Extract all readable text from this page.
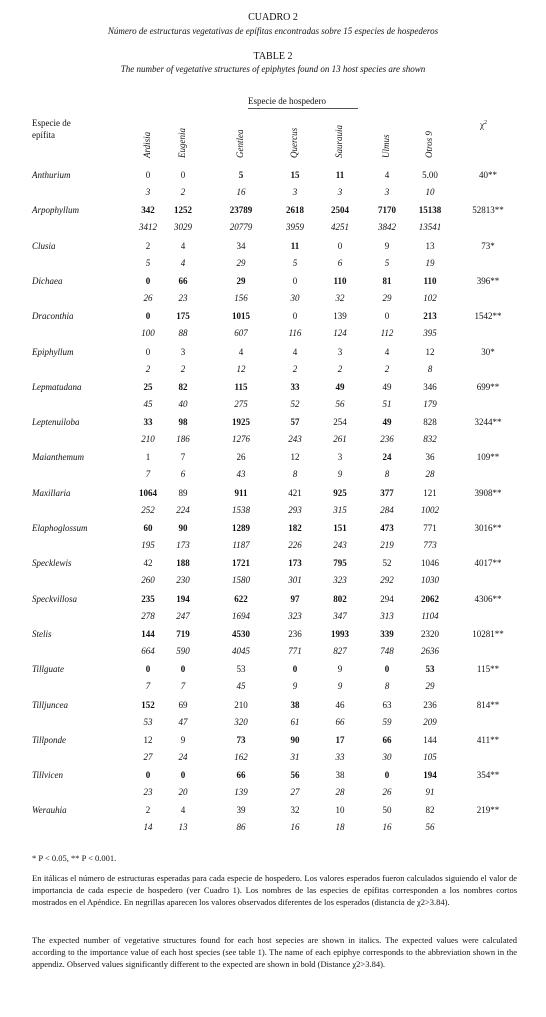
CUADRO 2
Número de estructuras vegetativas de epífitas encontradas sobre 15 especies de hospederos
TABLE 2
The number of vegetative structures of epiphytes found on 13 host species are shown
Especie de hospedero
Especie de epífita	Ardisia	Eugenia	Gentlea	Quercus	Saurauia	Ulmus	Otros 9
$\chi^2$
Anthurium	0	0	5	15	11	4	5.00	40**
3	2	16	3	3	3	10
Arpophyllum	342	1252	23789	2618	2504	7170	15138	52813**
3412	3029	20779	3959	4251	3842	13541
Clusia	2	4	34	11	0	9	13	73*
5	4	29	5	6	5	19
Dichaea	0	66	29	0	110	81	110	396**
26	23	156	30	32	29	102
Draconthia	0	175	1015	0	139	0	213	1542**
100	88	607	116	124	112	395
Epiphyllum	0	3	4	4	3	4	12	30*
2	2	12	2	2	2	8
Lepmatudana	25	82	115	33	49	49	346	699**
45	40	275	52	56	51	179
Leptenuiloba	33	98	1925	57	254	49	828	3244**
210	186	1276	243	261	236	832
Maianthemum	1	7	26	12	3	24	36	109**
7	6	43	8	9	8	28
Maxillaria	1064	89	911	421	925	377	121	3908**
252	224	1538	293	315	284	1002
Elaphoglossum	60	90	1289	182	151	473	771	3016**
195	173	1187	226	243	219	773
Specklewis	42	188	1721	173	795	52	1046	4017**
260	230	1580	301	323	292	1030
Speckvillosa	235	194	622	97	802	294	2062	4306**
278	247	1694	323	347	313	1104
Stelis	144	719	4530	236	1993	339	2320	10281**
664	590	4045	771	827	748	2636
Tillguate	0	0	53	0	9	0	53	115**
7	7	45	9	9	8	29
Tilljuncea	152	69	210	38	46	63	236	814**
53	47	320	61	66	59	209
Tillponde	12	9	73	90	17	66	144	411**
27	24	162	31	33	30	105
Tillvicen	0	0	66	56	38	0	194	354**
23	20	139	27	28	26	91
Werauhia	2	4	39	32	10	50	82	219**
14	13	86	16	18	16	56
* P < 0.05, ** P < 0.001.
En itálicas el número de estructuras esperadas para cada especie de hospedero. Los valores esperados fueron calculados siguiendo el valor de importancia de cada especie de hospedero (ver Cuadro 1). Los nombres de las especies de epífitas corresponden a los nombres cortos mostrados en el Apéndice. En negrillas aparecen los valores observados diferentes de los esperados (distancia de χ2>3.84).
The expected number of vegetative structures found for each host sepecies are shown in italics. The expected values were calculated according to the importance value of each host species (see table 1). The name of each epiphye corresponds to the abbreviation shown in the appendiz. Observed values significantly different to the expected are shown in bold (Distance χ2>3.84).
